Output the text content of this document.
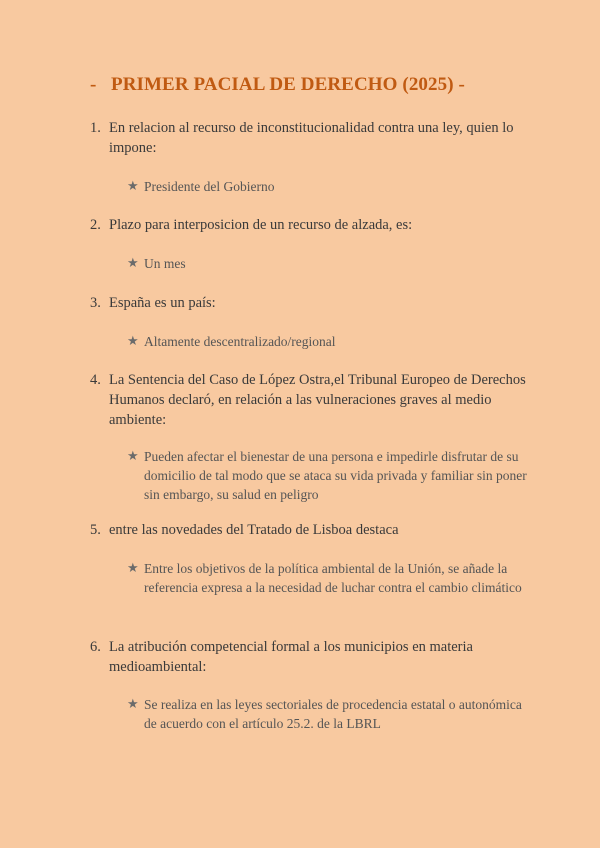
- PRIMER PACIAL DE DERECHO (2025) -
1. En relacion al recurso de inconstitucionalidad contra una ley, quien lo impone:
★ Presidente del Gobierno
2. Plazo para interposicion de un recurso de alzada, es:
★ Un mes
3. España es un país:
★ Altamente descentralizado/regional
4. La Sentencia del Caso de López Ostra,el Tribunal Europeo de Derechos Humanos declaró, en relación a las vulneraciones graves al medio ambiente:
★ Pueden afectar el bienestar de una persona e impedirle disfrutar de su domicilio de tal modo que se ataca su vida privada y familiar sin poner sin embargo, su salud en peligro
5. entre las novedades del Tratado de Lisboa destaca
★ Entre los objetivos de la política ambiental de la Unión, se añade la referencia expresa a la necesidad de luchar contra el cambio climático
6. La atribución competencial formal a los municipios en materia medioambiental:
★ Se realiza en las leyes sectoriales de procedencia estatal o autonómica de acuerdo con el artículo 25.2. de la LBRL
